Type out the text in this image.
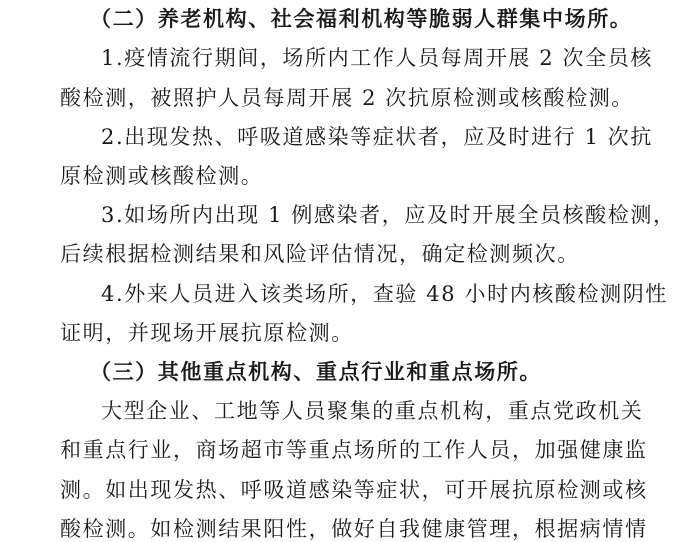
（二）养老机构、社会福利机构等脆弱人群集中场所。
1.疫情流行期间，场所内工作人员每周开展 2 次全员核
酸检测，被照护人员每周开展 2 次抗原检测或核酸检测。
2.出现发热、呼吸道感染等症状者，应及时进行 1 次抗
原检测或核酸检测。
3.如场所内出现 1 例感染者，应及时开展全员核酸检测，
后续根据检测结果和风险评估情况，确定检测频次。
4.外来人员进入该类场所，查验 48 小时内核酸检测阴性
证明，并现场开展抗原检测。
（三）其他重点机构、重点行业和重点场所。
大型企业、工地等人员聚集的重点机构，重点党政机关
和重点行业，商场超市等重点场所的工作人员，加强健康监
测。如出现发热、呼吸道感染等症状，可开展抗原检测或核
酸检测。如检测结果阳性，做好自我健康管理，根据病情情
